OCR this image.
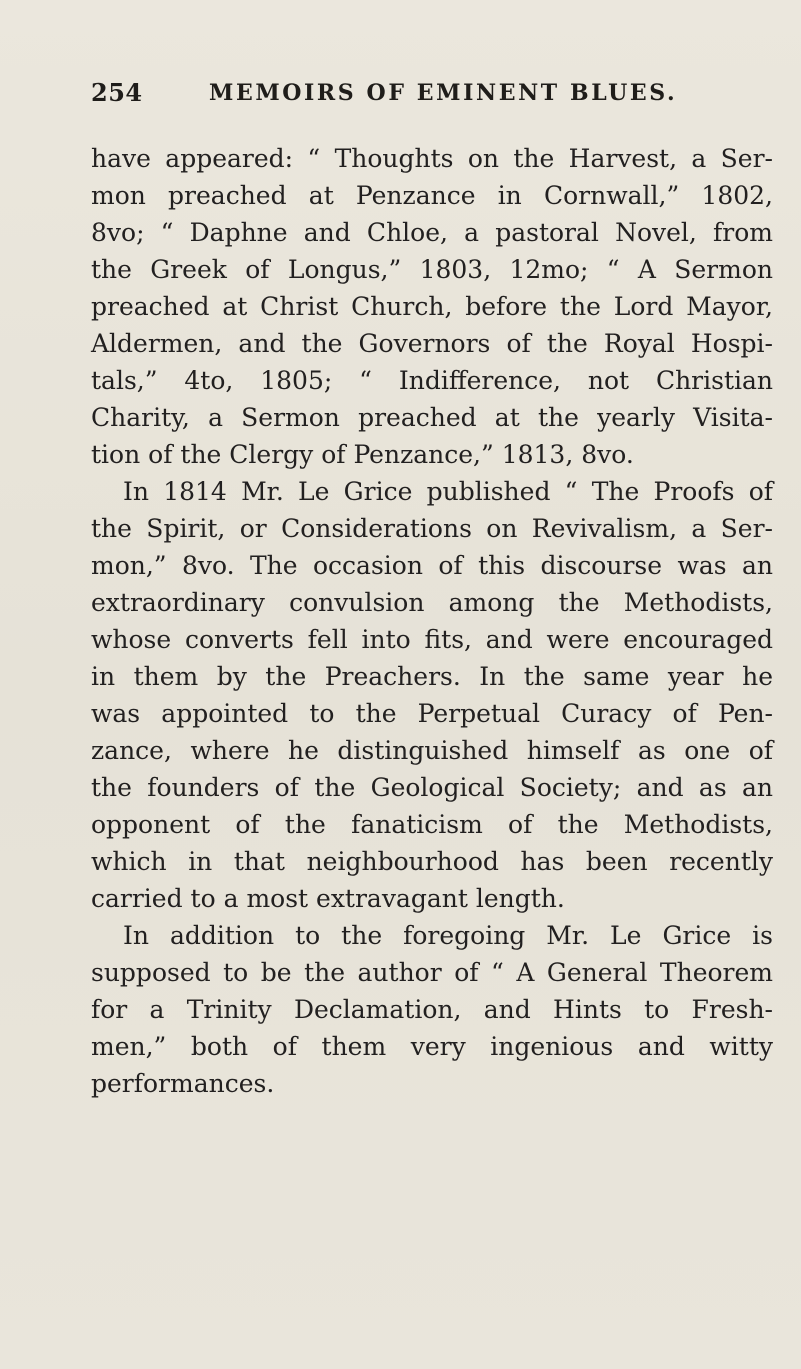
254	MEMOIRS OF EMINENT BLUES.
have appeared: “ Thoughts on the Harvest, a Ser-
mon preached at Penzance in Cornwall,” 1802,
8vo; “ Daphne and Chloe, a pastoral Novel, from
the Greek of Longus,” 1803, 12mo; “ A Sermon
preached at Christ Church, before the Lord Mayor,
Aldermen, and the Governors of the Royal Hospi-
tals,” 4to, 1805; “ Indifference, not Christian
Charity, a Sermon preached at the yearly Visita-
tion of the Clergy of Penzance,” 1813, 8vo.
In 1814 Mr. Le Grice published “ The Proofs of
the Spirit, or Considerations on Revivalism, a Ser-
mon,” 8vo. The occasion of this discourse was an
extraordinary convulsion among the Methodists,
whose converts fell into fits, and were encouraged
in them by the Preachers. In the same year he
was appointed to the Perpetual Curacy of Pen-
zance, where he distinguished himself as one of
the founders of the Geological Society; and as an
opponent of the fanaticism of the Methodists,
which in that neighbourhood has been recently
carried to a most extravagant length.
In addition to the foregoing Mr. Le Grice is
supposed to be the author of “ A General Theorem
for a Trinity Declamation, and Hints to Fresh-
men,” both of them very ingenious and witty
performances.
